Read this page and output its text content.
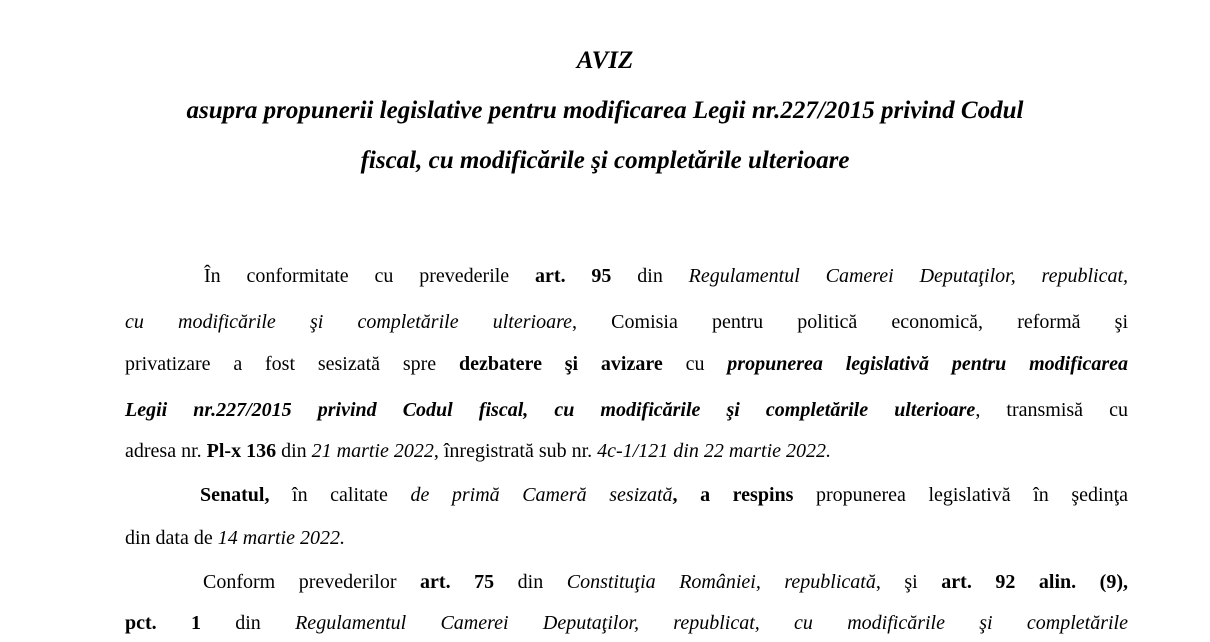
AVIZ
asupra propunerii legislative pentru modificarea Legii nr.227/2015 privind Codul
fiscal, cu modificările şi completările ulterioare
În conformitate cu prevederile art. 95 din Regulamentul Camerei Deputaţilor, republicat,
cu modificările şi completările ulterioare, Comisia pentru politică economică, reformă şi
privatizare a fost sesizată spre dezbatere şi avizare cu propunerea legislativă pentru modificarea
Legii nr.227/2015 privind Codul fiscal, cu modificările şi completările ulterioare, transmisă cu
adresa nr. Pl-x 136 din 21 martie 2022, înregistrată sub nr. 4c-1/121 din 22 martie 2022.
Senatul, în calitate de primă Cameră sesizată, a respins propunerea legislativă în şedinţa
din data de 14 martie 2022.
Conform prevederilor art. 75 din Constituţia României, republicată, şi art. 92 alin. (9),
pct. 1 din Regulamentul Camerei Deputaţilor, republicat, cu modificările şi completările
